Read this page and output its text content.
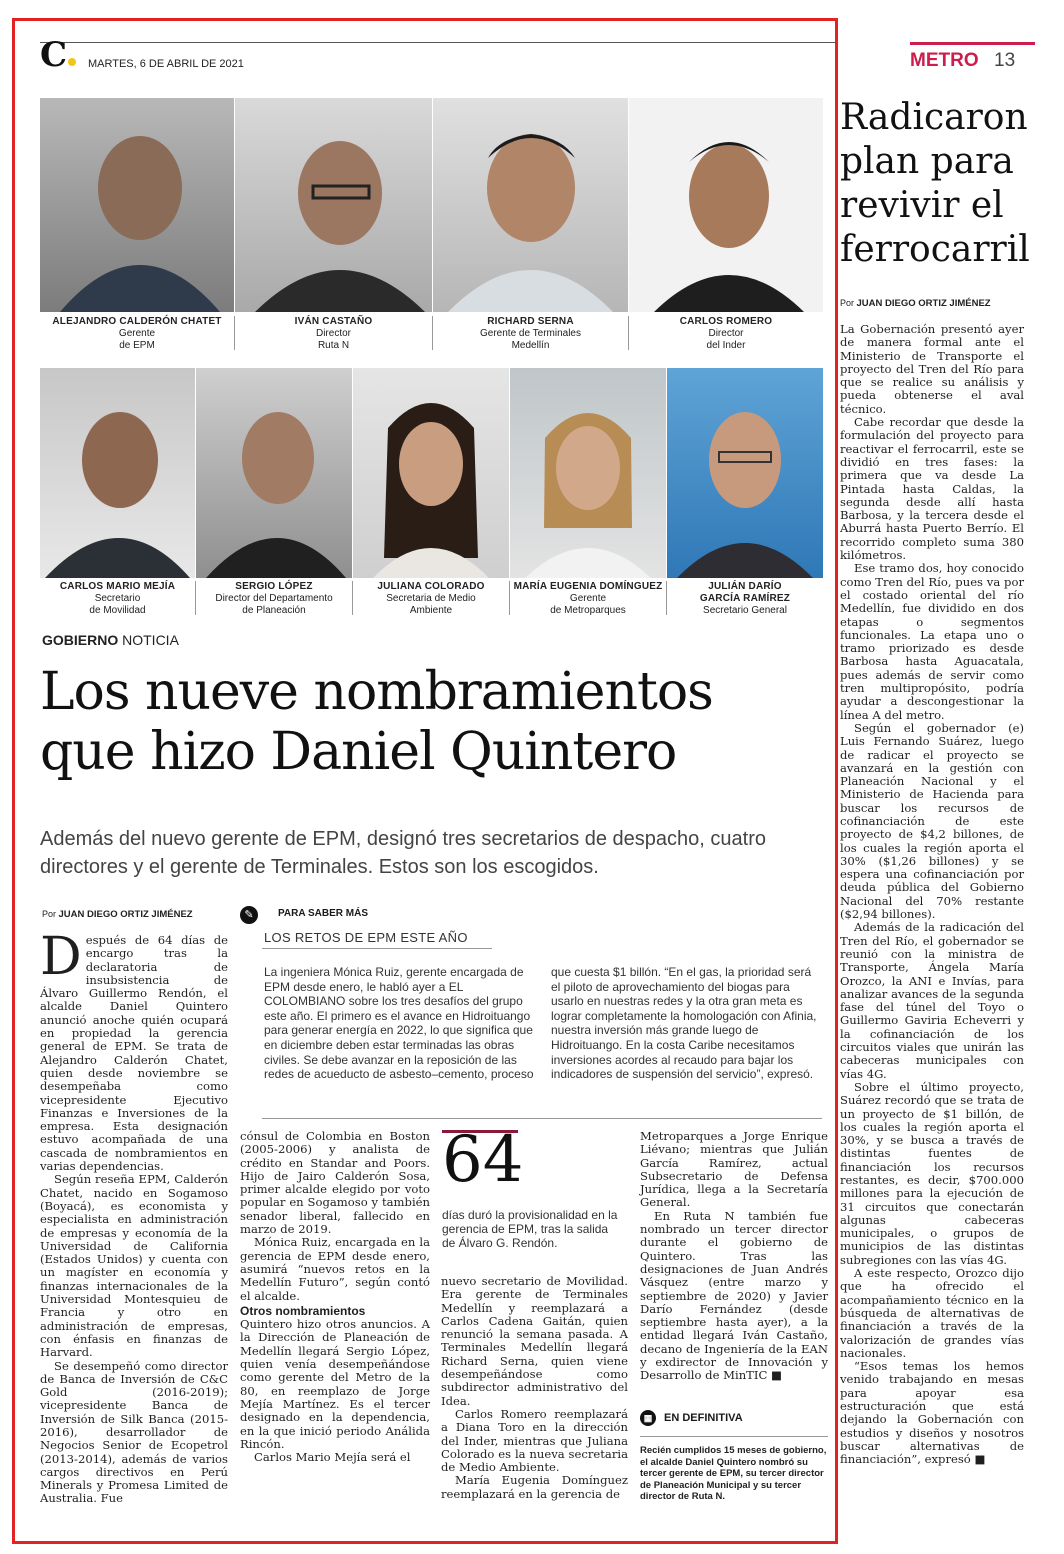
C	MARTES, 6 DE ABRIL DE 2021	METRO 13
ALEJANDRO CALDERÓN CHATET
Gerente
de EPM
IVÁN CASTAÑO
Director
Ruta N
RICHARD SERNA
Gerente de Terminales
Medellín
CARLOS ROMERO
Director
del Inder
CARLOS MARIO MEJÍA
Secretario
de Movilidad
SERGIO LÓPEZ
Director del Departamento
de Planeación
JULIANA COLORADO
Secretaria de Medio
Ambiente
MARÍA EUGENIA DOMÍNGUEZ
Gerente
de Metroparques
JULIÁN DARÍO GARCÍA RAMÍREZ
Secretario General
GOBIERNO NOTICIA
Los nueve nombramientos que hizo Daniel Quintero
Además del nuevo gerente de EPM, designó tres secretarios de despacho, cuatro directores y el gerente de Terminales. Estos son los escogidos.
Por JUAN DIEGO ORTIZ JIMÉNEZ

Después de 64 días de encargo tras la declaratoria de insubsistencia de Álvaro Guillermo Rendón, el alcalde Daniel Quintero anunció anoche quién ocupará en propiedad la gerencia general de EPM. Se trata de Alejandro Calderón Chatet, quien desde noviembre se desempeñaba como vicepresidente Ejecutivo Finanzas e Inversiones de la empresa. Esta designación estuvo acompañada de una cascada de nombramientos en varias dependencias.

Según reseña EPM, Calderón Chatet, nacido en Sogamoso (Boyacá), es economista y especialista en administración de empresas y economía de la Universidad de California (Estados Unidos) y cuenta con un magíster en economía y finanzas internacionales de la Universidad Montesquieu de Francia y otro en administración de empresas, con énfasis en finanzas de Harvard.

Se desempeñó como director de Banca de Inversión de C&C Gold (2016-2019); vicepresidente Banca de Inversión de Silk Banca (2015-2016), desarrollador de Negocios Senior de Ecopetrol (2013-2014), además de varios cargos directivos en Perú Minerals y Promesa Limited de Australia. Fue

✎	PARA SABER MÁS
LOS RETOS DE EPM ESTE AÑO
La ingeniera Mónica Ruiz, gerente encargada de EPM desde enero, le habló ayer a EL COLOMBIANO sobre los tres desafíos del grupo este año. El primero es el avance en Hidroituango para generar energía en 2022, lo que significa que en diciembre deben estar terminadas las obras civiles. Se debe avanzar en la reposición de las redes de acueducto de asbesto–cemento, proceso
que cuesta $1 billón. “En el gas, la prioridad será el piloto de aprovechamiento del biogas para usarlo en nuestras redes y la otra gran meta es lograr completamente la homologación con Afinia, nuestra inversión más grande luego de Hidroituango. En la costa Caribe necesitamos inversiones acordes al recaudo para bajar los indicadores de suspensión del servicio”, expresó.

cónsul de Colombia en Boston (2005-2006) y analista de crédito en Standar and Poors. Hijo de Jairo Calderón Sosa, primer alcalde elegido por voto popular en Sogamoso y también senador liberal, fallecido en marzo de 2019.

Mónica Ruiz, encargada en la gerencia de EPM desde enero, asumirá “nuevos retos en la Medellín Futuro”, según contó el alcalde.

Otros nombramientos

Quintero hizo otros anuncios. A la Dirección de Planeación de Medellín llegará Sergio López, quien venía desempeñándose como gerente del Metro de la 80, en reemplazo de Jorge Mejía Martínez. Es el tercer designado en la dependencia, en la que inició periodo Análida Rincón.

Carlos Mario Mejía será el

64
días duró la provisionalidad en la gerencia de EPM, tras la salida de Álvaro G. Rendón.

nuevo secretario de Movilidad. Era gerente de Terminales Medellín y reemplazará a Carlos Cadena Gaitán, quien renunció la semana pasada. A Terminales Medellín llegará Richard Serna, quien viene desempeñándose como subdirector administrativo del Idea.

Carlos Romero reemplazará a Diana Toro en la dirección del Inder, mientras que Juliana Colorado es la nueva secretaria de Medio Ambiente.

María Eugenia Domínguez reemplazará en la gerencia de

Metroparques a Jorge Enrique Liévano; mientras que Julián García Ramírez, actual Subsecretario de Defensa Jurídica, llega a la Secretaría General.

En Ruta N también fue nombrado un tercer director durante el gobierno de Quintero. Tras las designaciones de Juan Andrés Vásquez (entre marzo y septiembre de 2020) y Javier Darío Fernández (desde septiembre hasta ayer), a la entidad llegará Iván Castaño, decano de Ingeniería de la EAN y exdirector de Innovación y Desarrollo de MinTIC ■

▦ EN DEFINITIVA
Recién cumplidos 15 meses de gobierno, el alcalde Daniel Quintero nombró su tercer gerente de EPM, su tercer director de Planeación Municipal y su tercer director de Ruta N.
Radicaron plan para revivir el ferrocarril
Por JUAN DIEGO ORTIZ JIMÉNEZ

La Gobernación presentó ayer de manera formal ante el Ministerio de Transporte el proyecto del Tren del Río para que se realice su análisis y pueda obtenerse el aval técnico.

Cabe recordar que desde la formulación del proyecto para reactivar el ferrocarril, este se dividió en tres fases: la primera que va desde La Pintada hasta Caldas, la segunda desde allí hasta Barbosa, y la tercera desde el Aburrá hasta Puerto Berrío. El recorrido completo suma 380 kilómetros.

Ese tramo dos, hoy conocido como Tren del Río, pues va por el costado oriental del río Medellín, fue dividido en dos etapas o segmentos funcionales. La etapa uno o tramo priorizado es desde Barbosa hasta Aguacatala, pues además de servir como tren multipropósito, podría ayudar a descongestionar la línea A del metro.

Según el gobernador (e) Luis Fernando Suárez, luego de radicar el proyecto se avanzará en la gestión con Planeación Nacional y el Ministerio de Hacienda para buscar los recursos de cofinanciación de este proyecto de $4,2 billones, de los cuales la región aporta el 30% ($1,26 billones) y se espera una cofinanciación por deuda pública del Gobierno Nacional del 70% restante ($2,94 billones).

Además de la radicación del Tren del Río, el gobernador se reunió con la ministra de Transporte, Ángela María Orozco, la ANI e Invías, para analizar avances de la segunda fase del túnel del Toyo o Guillermo Gaviria Echeverri y la cofinanciación de los circuitos viales que unirán las cabeceras municipales con vías 4G.

Sobre el último proyecto, Suárez recordó que se trata de un proyecto de $1 billón, de los cuales la región aporta el 30%, y se busca a través de distintas fuentes de financiación los recursos restantes, es decir, $700.000 millones para la ejecución de 31 circuitos que conectarán algunas cabeceras municipales, o grupos de municipios de las distintas subregiones con las vías 4G.

A este respecto, Orozco dijo que ha ofrecido el acompañamiento técnico en la búsqueda de alternativas de financiación a través de la valorización de grandes vías nacionales.

“Esos temas los hemos venido trabajando en mesas para apoyar esa estructuración que está dejando la Gobernación con estudios y diseños y nosotros buscar alternativas de financiación”, expresó ■
